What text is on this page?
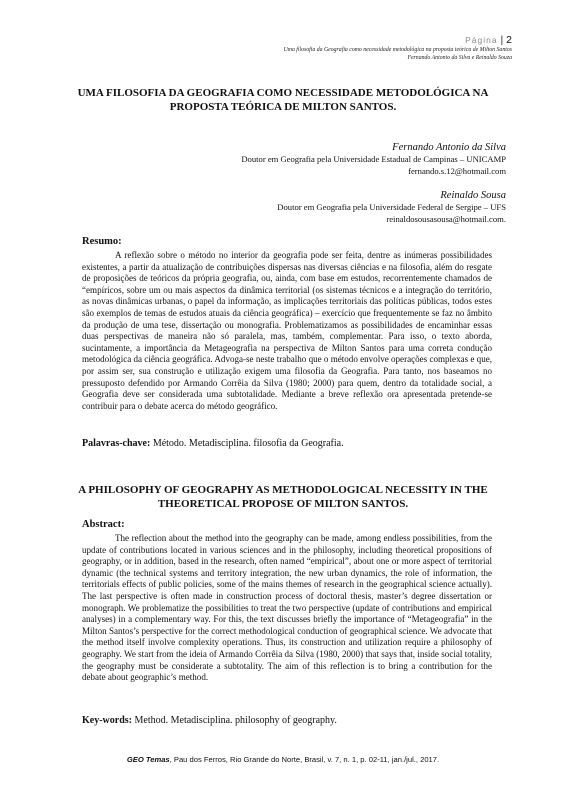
Página | 2
Uma filosofia da Geografia como necessidade metodológica na proposta teórica de Milton Santos
Fernando Antonio da Silva e Reinaldo Souza
UMA FILOSOFIA DA GEOGRAFIA COMO NECESSIDADE METODOLÓGICA NA PROPOSTA TEÓRICA DE MILTON SANTOS.
Fernando Antonio da Silva
Doutor em Geografia pela Universidade Estadual de Campinas – UNICAMP
fernando.s.12@hotmail.com
Reinaldo Sousa
Doutor em Geografia pela Universidade Federal de Sergipe – UFS
reinaldosousasousa@hotmail.com.
Resumo:

A reflexão sobre o método no interior da geografia pode ser feita, dentre as inúmeras possibilidades existentes, a partir da atualização de contribuições dispersas nas diversas ciências e na filosofia, além do resgate de proposições de teóricos da própria geografia, ou, ainda, com base em estudos, recorrentemente chamados de “empíricos, sobre um ou mais aspectos da dinâmica territorial (os sistemas técnicos e a integração do território, as novas dinâmicas urbanas, o papel da informação, as implicações territoriais das políticas públicas, todos estes são exemplos de temas de estudos atuais da ciência geográfica) – exercício que frequentemente se faz no âmbito da produção de uma tese, dissertação ou monografia. Problematizamos as possibilidades de encaminhar essas duas perspectivas de maneira não só paralela, mas, também, complementar. Para isso, o texto aborda, sucintamente, a importância da Metageografia na perspectiva de Milton Santos para uma correta condução metodológica da ciência geográfica. Advoga-se neste trabalho que o método envolve operações complexas e que, por assim ser, sua construção e utilização exigem uma filosofia da Geografia. Para tanto, nos baseamos no pressuposto defendido por Armando Corrêia da Silva (1980; 2000) para quem, dentro da totalidade social, a Geografia deve ser considerada uma subtotalidade. Mediante a breve reflexão ora apresentada pretende-se contribuir para o debate acerca do método geográfico.

Palavras-chave: Método. Metadisciplina. filosofia da Geografia.
A PHILOSOPHY OF GEOGRAPHY AS METHODOLOGICAL NECESSITY IN THE THEORETICAL PROPOSE OF MILTON SANTOS.
Abstract:

The reflection about the method into the geography can be made, among endless possibilities, from the update of contributions located in various sciences and in the philosophy, including theoretical propositions of geography, or in addition, based in the research, often named “empirical”, about one or more aspect of territorial dynamic (the technical systems and territory integration, the new urban dynamics, the role of information, the territorials effects of public policies, some of the mains themes of research in the geographical science actually). The last perspective is often made in construction process of doctoral thesis, master’s degree dissertation or monograph. We problematize the possibilities to treat the two perspective (update of contributions and empirical analyses) in a complementary way. For this, the text discusses briefly the importance of “Metageografia” in the Milton Santos’s perspective for the correct methodological conduction of geographical science. We advocate that the method itself involve complexity operations. Thus, its construction and utilization require a philosophy of geography. We start from the ideia of Armando Corrêia da Silva (1980, 2000) that says that, inside social totality, the geography must be considerate a subtotality. The aim of this reflection is to bring a contribution for the debate about geographic’s method.

Key-words: Method. Metadisciplina. philosophy of geography.
GEO Temas, Pau dos Ferros, Rio Grande do Norte, Brasil, v. 7, n. 1, p. 02-11, jan./jul., 2017.
